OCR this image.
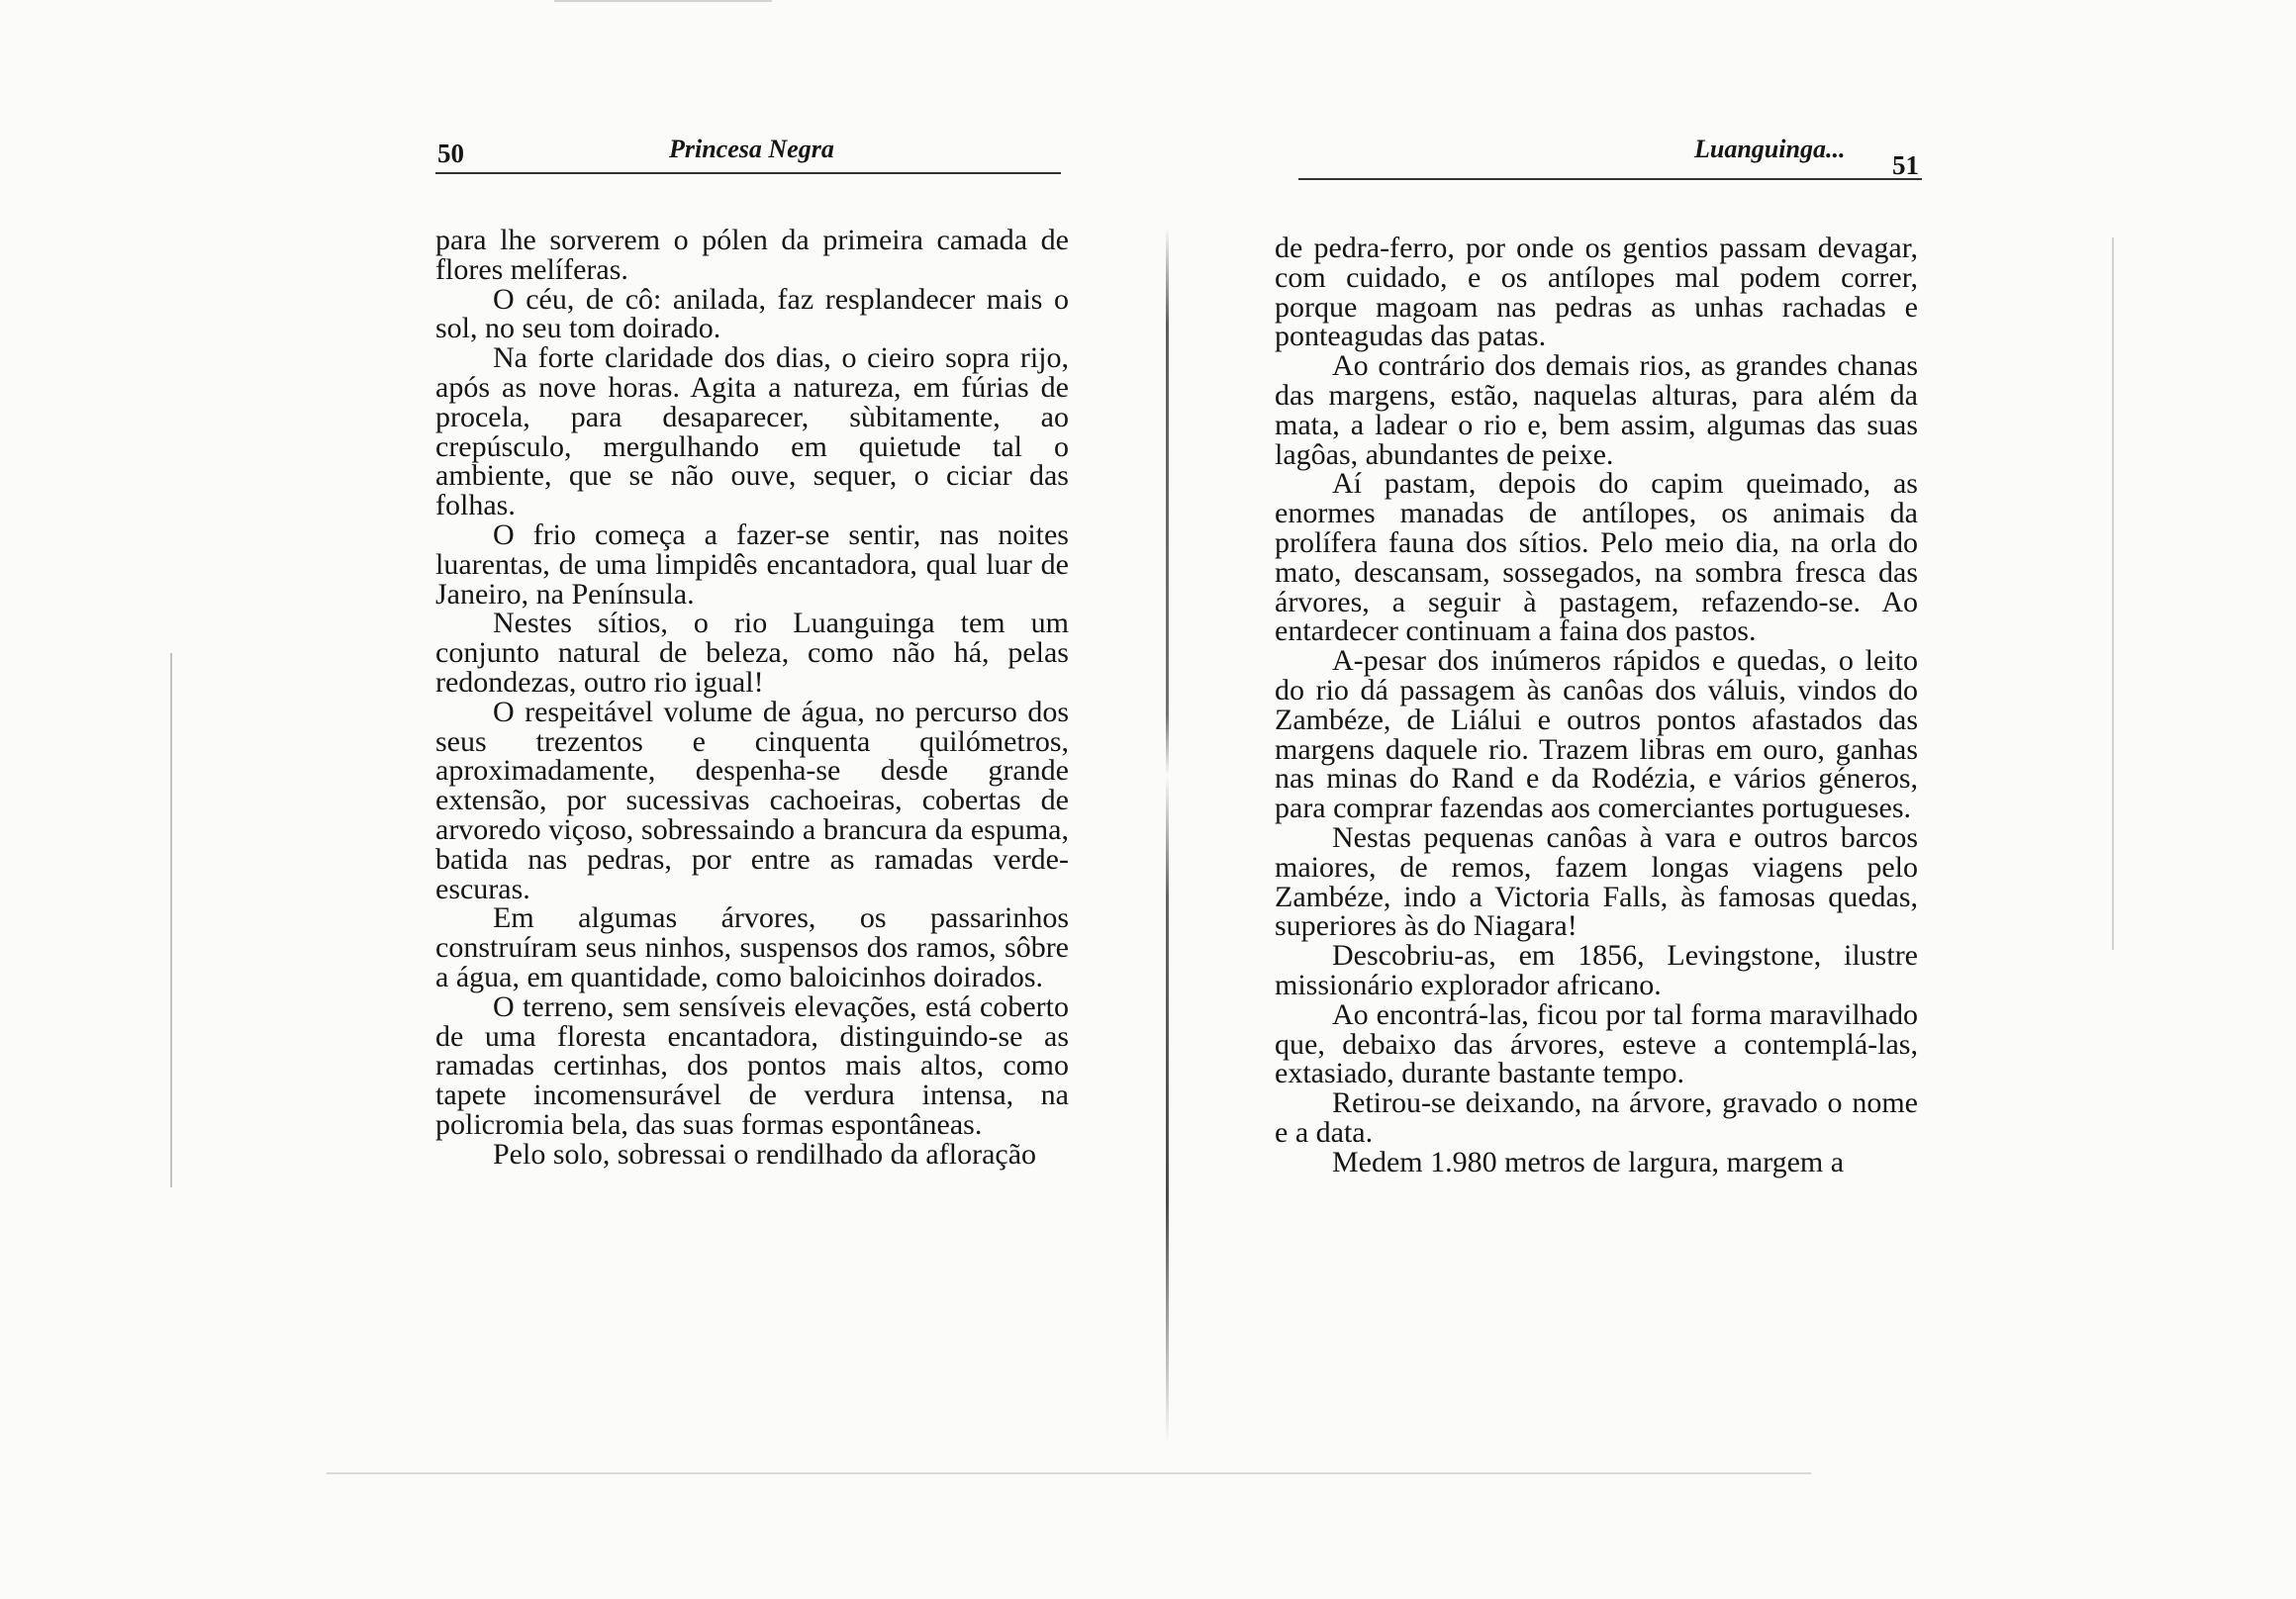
50	Princesa Negra

para lhe sorverem o pólen da primeira camada de flores melíferas.

O céu, de cô: anilada, faz resplandecer mais o sol, no seu tom doirado.

Na forte claridade dos dias, o cieiro sopra rijo, após as nove horas. Agita a natureza, em fúrias de procela, para desaparecer, sùbitamente, ao crepúsculo, mergulhando em quietude tal o ambiente, que se não ouve, sequer, o ciciar das folhas.

O frio começa a fazer-se sentir, nas noites luarentas, de uma limpidês encantadora, qual luar de Janeiro, na Península.

Nestes sítios, o rio Luanguinga tem um conjunto natural de beleza, como não há, pelas redondezas, outro rio igual!

O respeitável volume de água, no percurso dos seus trezentos e cinquenta quilómetros, aproximadamente, despenha-se desde grande extensão, por sucessivas cachoeiras, cobertas de arvoredo viçoso, sobressaindo a brancura da espuma, batida nas pedras, por entre as ramadas verde-escuras.

Em algumas árvores, os passarinhos construíram seus ninhos, suspensos dos ramos, sôbre a água, em quantidade, como baloicinhos doirados.

O terreno, sem sensíveis elevações, está coberto de uma floresta encantadora, distinguindo-se as ramadas certinhas, dos pontos mais altos, como tapete incomensurável de verdura intensa, na policromia bela, das suas formas espontâneas.

Pelo solo, sobressai o rendilhado da afloração

Luanguinga...
51

de pedra-ferro, por onde os gentios passam devagar, com cuidado, e os antílopes mal podem correr, porque magoam nas pedras as unhas rachadas e ponteagudas das patas.

Ao contrário dos demais rios, as grandes chanas das margens, estão, naquelas alturas, para além da mata, a ladear o rio e, bem assim, algumas das suas lagôas, abundantes de peixe.

Aí pastam, depois do capim queimado, as enormes manadas de antílopes, os animais da prolífera fauna dos sítios. Pelo meio dia, na orla do mato, descansam, sossegados, na sombra fresca das árvores, a seguir à pastagem, refazendo-se. Ao entardecer continuam a faina dos pastos.

A-pesar dos inúmeros rápidos e quedas, o leito do rio dá passagem às canôas dos váluis, vindos do Zambéze, de Liálui e outros pontos afastados das margens daquele rio. Trazem libras em ouro, ganhas nas minas do Rand e da Rodézia, e vários géneros, para comprar fazendas aos comerciantes portugueses.

Nestas pequenas canôas à vara e outros barcos maiores, de remos, fazem longas viagens pelo Zambéze, indo a Victoria Falls, às famosas quedas, superiores às do Niagara!

Descobriu-as, em 1856, Levingstone, ilustre missionário explorador africano.

Ao encontrá-las, ficou por tal forma maravilhado que, debaixo das árvores, esteve a contemplá-las, extasiado, durante bastante tempo.

Retirou-se deixando, na árvore, gravado o nome e a data.

Medem 1.980 metros de largura, margem a
